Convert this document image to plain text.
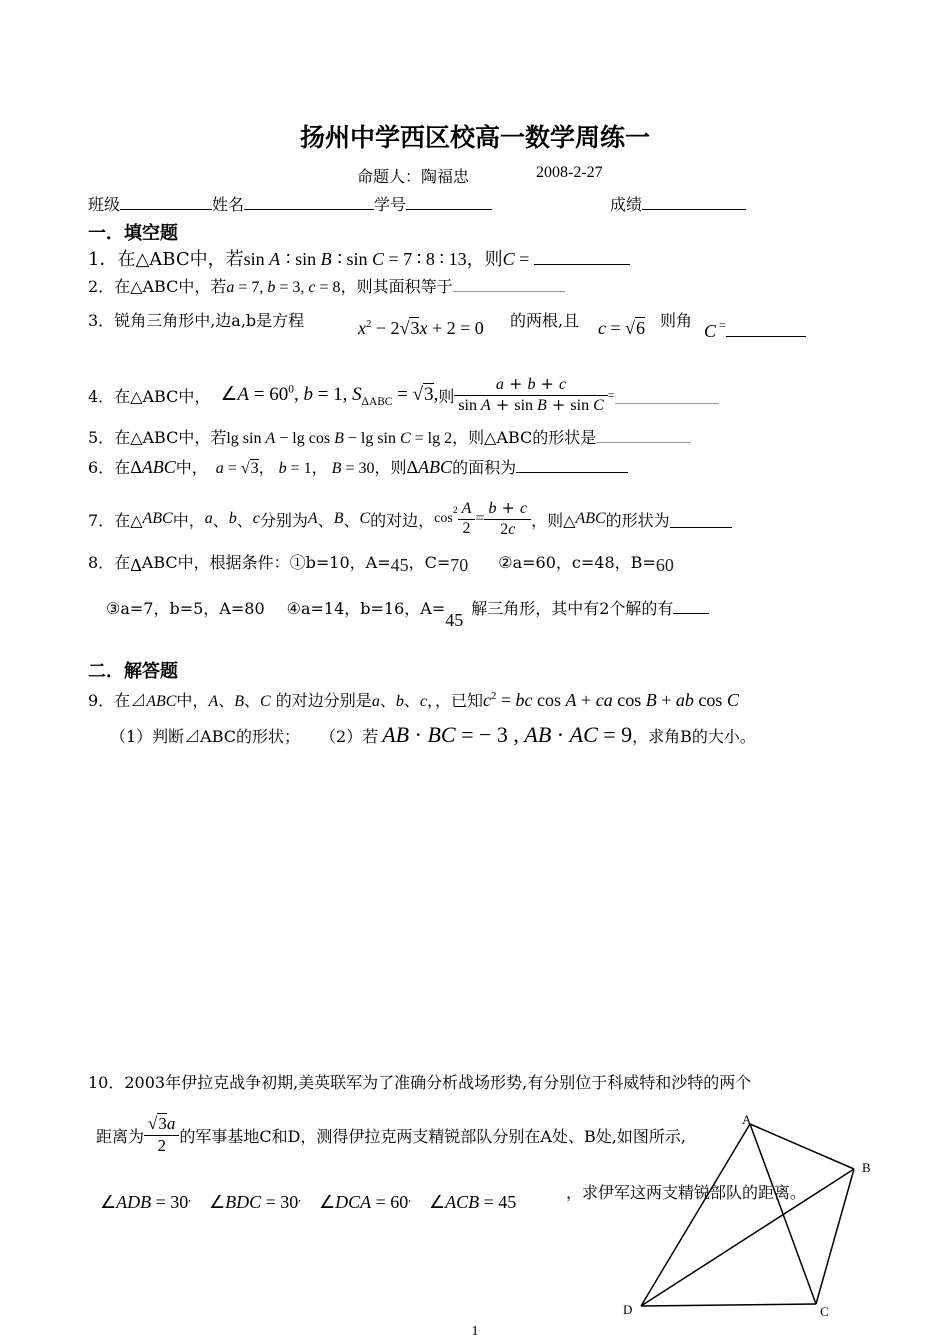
扬州中学西区校高一数学周练一
命题人：陶福忠	2008-2-27
班级	姓名	学号	成绩
一．填空题
1．在△ABC中，若sin A ∶ sin B ∶ sin C = 7 ∶ 8 ∶ 13，则C =
2．在△ABC中，若a = 7, b = 3, c = 8，则其面积等于
3．锐角三角形中,边a,b是方程	$x^2 - 2√3x + 2 = 0$ 的两根,且 c = √6 则角
C =
4． 在△ABC中， ∠A = $60^0$, b = 1, $S_{\Delta ABC} = √3$, 则 $\frac{a + b + c}{\text{sin A + sin B + sin C}}$ =
5．在△ABC中，若lg sin A − lg cos B − lg sin C = lg 2，则△ABC的形状是
6．在ΔABC中， a = √3， b = 1， B = 30，则ΔABC的面积为
7． 在△ ABC 中， a 、 b 、 c 分别为 A 、 B 、 C 的对边， cos
$^2 \frac{A}{2} = \frac{b + c}{2c}$ ，则△ ABC 的形状为
8．在ΔABC中，根据条件：①b=10，A=45，C=70 ②a=60，c=48，B=60
③a=7，b=5，A=80 ④a=14，b=16，A=45解三角形，其中有2个解的有
二．解答题
9．在⊿ABC中，A、B、C 的对边分别是a、b、c，，已知$c^2$ = bc cos A + ca cos B + ab cos C
（1）判断⊿ABC的形状； （2）若 AB · BC = − 3 , AB · AC = 9，求角B的大小。
10．2003年伊拉克战争初期,美英联军为了准确分析战场形势,有分别位于科威特和沙特的两个
距离为 $\frac{√3a}{2}$ 的军事基地C和D，测得伊拉克两支精锐部队分别在A处、B处,如图所示,
∠ADB = 30, ∠BDC = 30, ∠DCA = 60, ∠ACB = 45	，求伊军这两支精锐部队的距离。
A
B
C
D
1
